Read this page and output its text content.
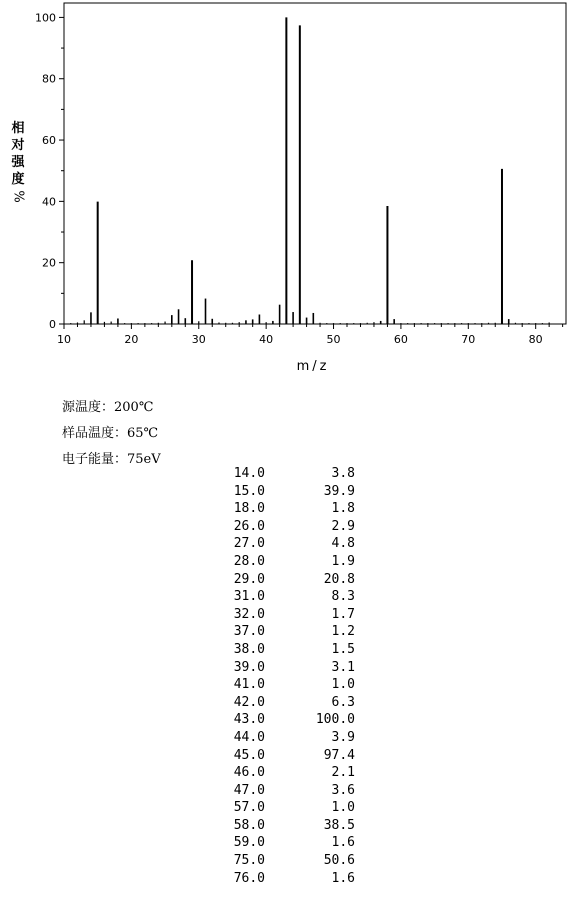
0
20
40
60
80
100
10	20	30	40	50	60	70	80
m/z
相
对
强
度
%
源温度：200℃
样品温度：65℃
电子能量：75eV
14.0	3.8
15.0	39.9
18.0	1.8
26.0	2.9
27.0	4.8
28.0	1.9
29.0	20.8
31.0	8.3
32.0	1.7
37.0	1.2
38.0	1.5
39.0	3.1
41.0	1.0
42.0	6.3
43.0	100.0
44.0	3.9
45.0	97.4
46.0	2.1
47.0	3.6
57.0	1.0
58.0	38.5
59.0	1.6
75.0	50.6
76.0	1.6
